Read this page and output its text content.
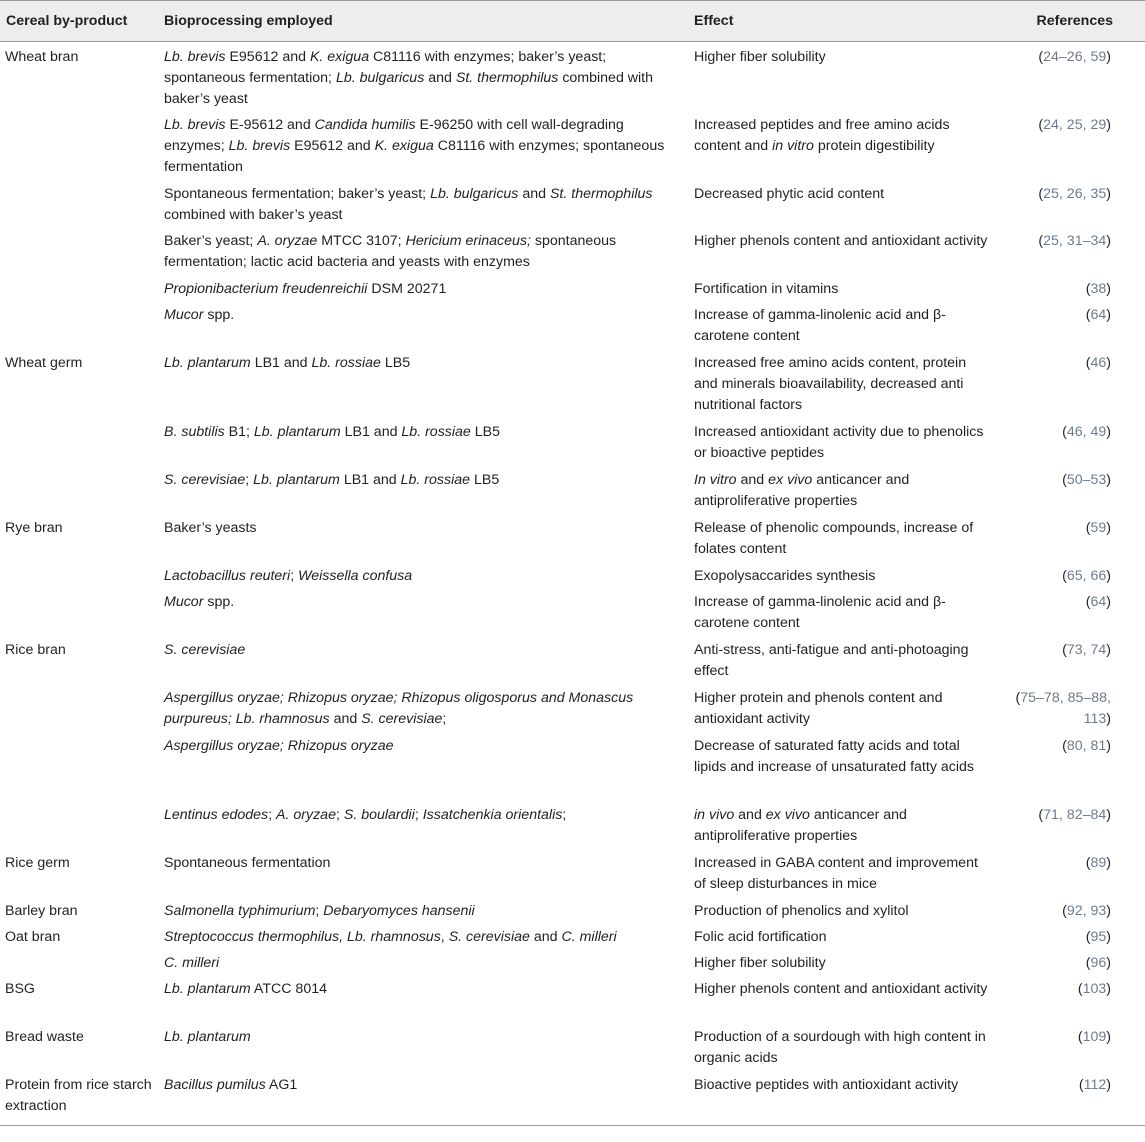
Cereal by-product	Bioprocessing employed	Effect	References
Wheat bran	Lb. brevis E95612 and K. exigua C81116 with enzymes; baker’s yeast; spontaneous fermentation; Lb. bulgaricus and St. thermophilus combined with baker’s yeast	Higher fiber solubility	(24–26, 59)
	Lb. brevis E-95612 and Candida humilis E-96250 with cell wall-degrading enzymes; Lb. brevis E95612 and K. exigua C81116 with enzymes; spontaneous fermentation	Increased peptides and free amino acids content and in vitro protein digestibility	(24, 25, 29)
	Spontaneous fermentation; baker’s yeast; Lb. bulgaricus and St. thermophilus combined with baker’s yeast	Decreased phytic acid content	(25, 26, 35)
	Baker’s yeast; A. oryzae MTCC 3107; Hericium erinaceus; spontaneous fermentation; lactic acid bacteria and yeasts with enzymes	Higher phenols content and antioxidant activity	(25, 31–34)
	Propionibacterium freudenreichii DSM 20271	Fortification in vitamins	(38)
	Mucor spp.	Increase of gamma-linolenic acid and β-carotene content	(64)
Wheat germ	Lb. plantarum LB1 and Lb. rossiae LB5	Increased free amino acids content, protein and minerals bioavailability, decreased anti nutritional factors	(46)
	B. subtilis B1; Lb. plantarum LB1 and Lb. rossiae LB5	Increased antioxidant activity due to phenolics or bioactive peptides	(46, 49)
	S. cerevisiae; Lb. plantarum LB1 and Lb. rossiae LB5	In vitro and ex vivo anticancer and antiproliferative properties	(50–53)
Rye bran	Baker’s yeasts	Release of phenolic compounds, increase of folates content	(59)
	Lactobacillus reuteri; Weissella confusa	Exopolysaccarides synthesis	(65, 66)
	Mucor spp.	Increase of gamma-linolenic acid and β-carotene content	(64)
Rice bran	S. cerevisiae	Anti-stress, anti-fatigue and anti-photoaging effect	(73, 74)
	Aspergillus oryzae; Rhizopus oryzae; Rhizopus oligosporus and Monascus purpureus; Lb. rhamnosus and S. cerevisiae;	Higher protein and phenols content and antioxidant activity	(75–78, 85–88, 113)
	Aspergillus oryzae; Rhizopus oryzae	Decrease of saturated fatty acids and total lipids and increase of unsaturated fatty acids	(80, 81)
	Lentinus edodes; A. oryzae; S. boulardii; Issatchenkia orientalis;	in vivo and ex vivo anticancer and antiproliferative properties	(71, 82–84)
Rice germ	Spontaneous fermentation	Increased in GABA content and improvement of sleep disturbances in mice	(89)
Barley bran	Salmonella typhimurium; Debaryomyces hansenii	Production of phenolics and xylitol	(92, 93)
Oat bran	Streptococcus thermophilus, Lb. rhamnosus, S. cerevisiae and C. milleri	Folic acid fortification	(95)
	C. milleri	Higher fiber solubility	(96)
BSG	Lb. plantarum ATCC 8014	Higher phenols content and antioxidant activity	(103)
Bread waste	Lb. plantarum	Production of a sourdough with high content in organic acids	(109)
Protein from rice starch extraction	Bacillus pumilus AG1	Bioactive peptides with antioxidant activity	(112)
